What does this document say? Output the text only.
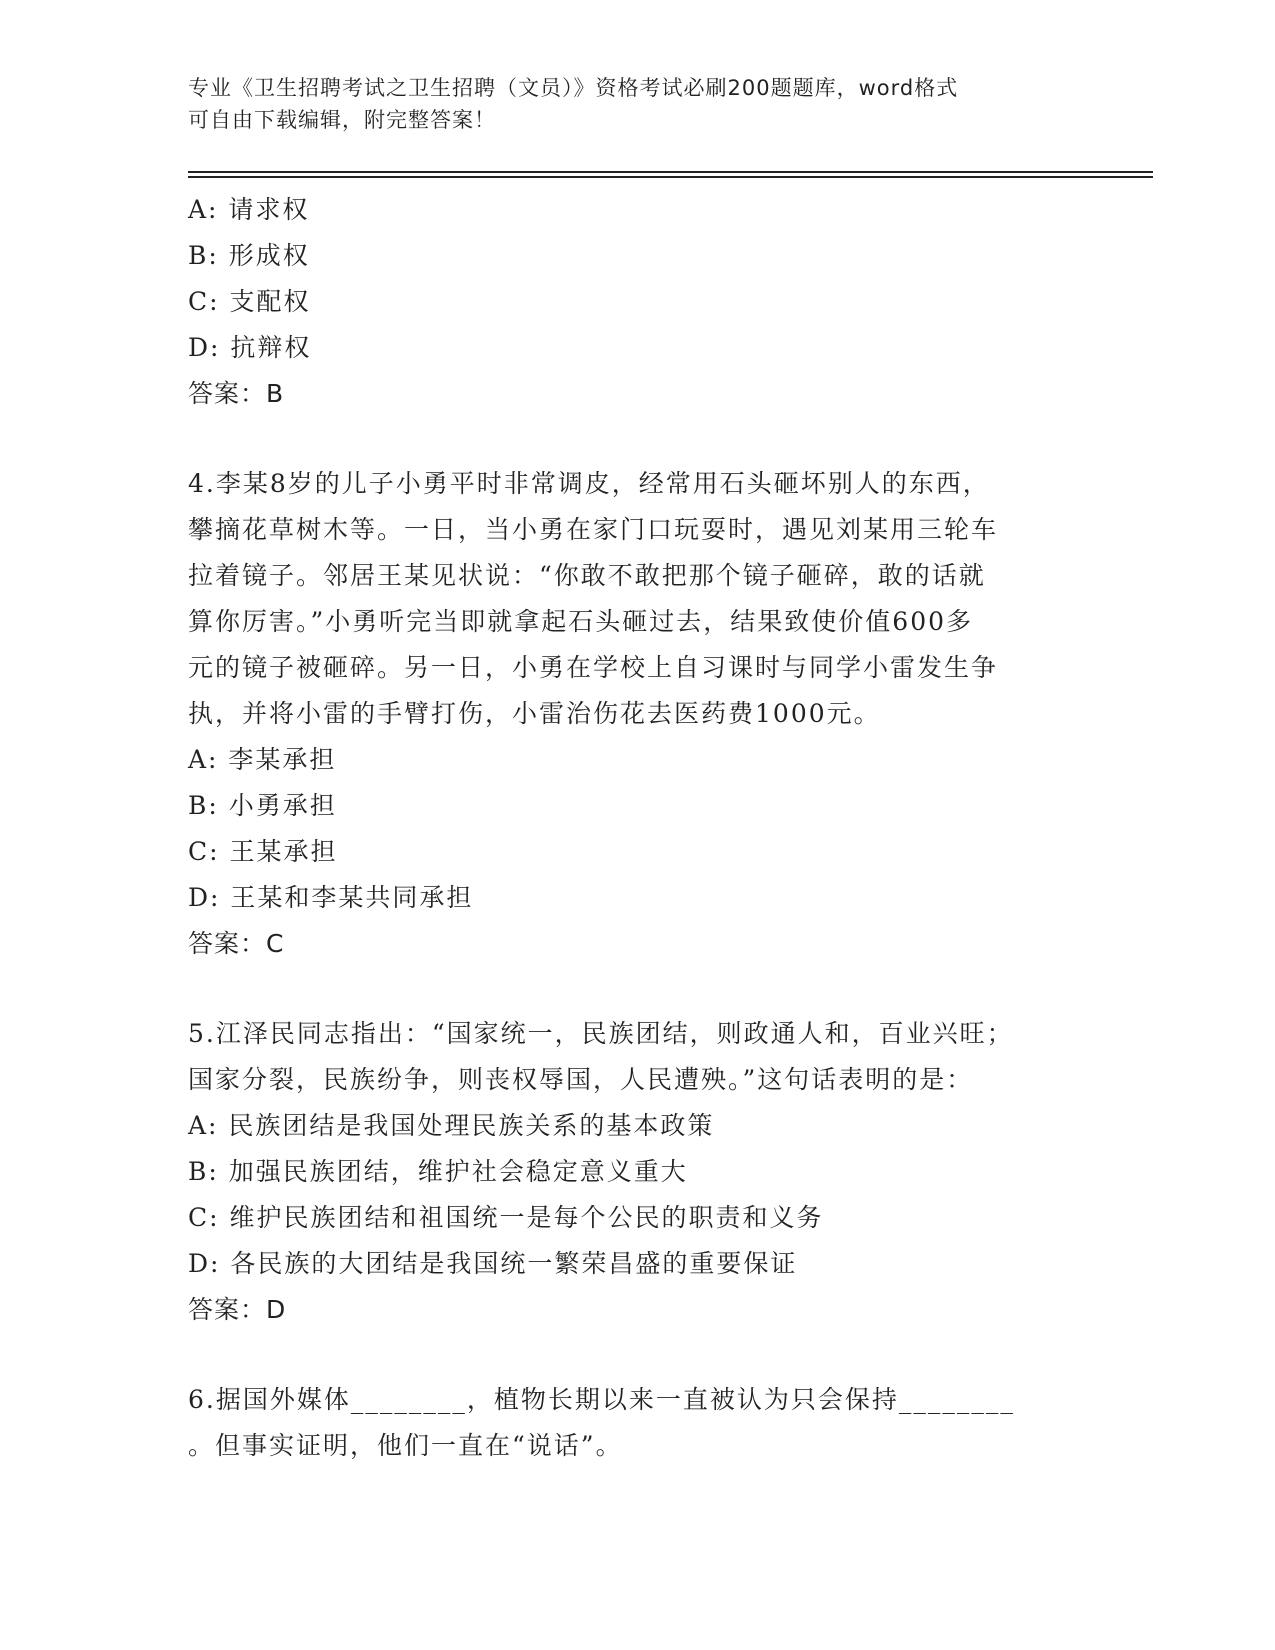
专业《卫生招聘考试之卫生招聘（文员）》资格考试必刷200题题库，word格式
可自由下载编辑，附完整答案！
A: 请求权
B: 形成权
C: 支配权
D: 抗辩权
答案：B
4.李某8岁的儿子小勇平时非常调皮，经常用石头砸坏别人的东西，
攀摘花草树木等。一日，当小勇在家门口玩耍时，遇见刘某用三轮车
拉着镜子。邻居王某见状说：“你敢不敢把那个镜子砸碎，敢的话就
算你厉害。”小勇听完当即就拿起石头砸过去，结果致使价值600多
元的镜子被砸碎。另一日，小勇在学校上自习课时与同学小雷发生争
执，并将小雷的手臂打伤，小雷治伤花去医药费1000元。
A: 李某承担
B: 小勇承担
C: 王某承担
D: 王某和李某共同承担
答案：C
5.江泽民同志指出：“国家统一，民族团结，则政通人和，百业兴旺；
国家分裂，民族纷争，则丧权辱国，人民遭殃。”这句话表明的是：
A: 民族团结是我国处理民族关系的基本政策
B: 加强民族团结，维护社会稳定意义重大
C: 维护民族团结和祖国统一是每个公民的职责和义务
D: 各民族的大团结是我国统一繁荣昌盛的重要保证
答案：D
6.据国外媒体________，植物长期以来一直被认为只会保持________
。但事实证明，他们一直在“说话”。
